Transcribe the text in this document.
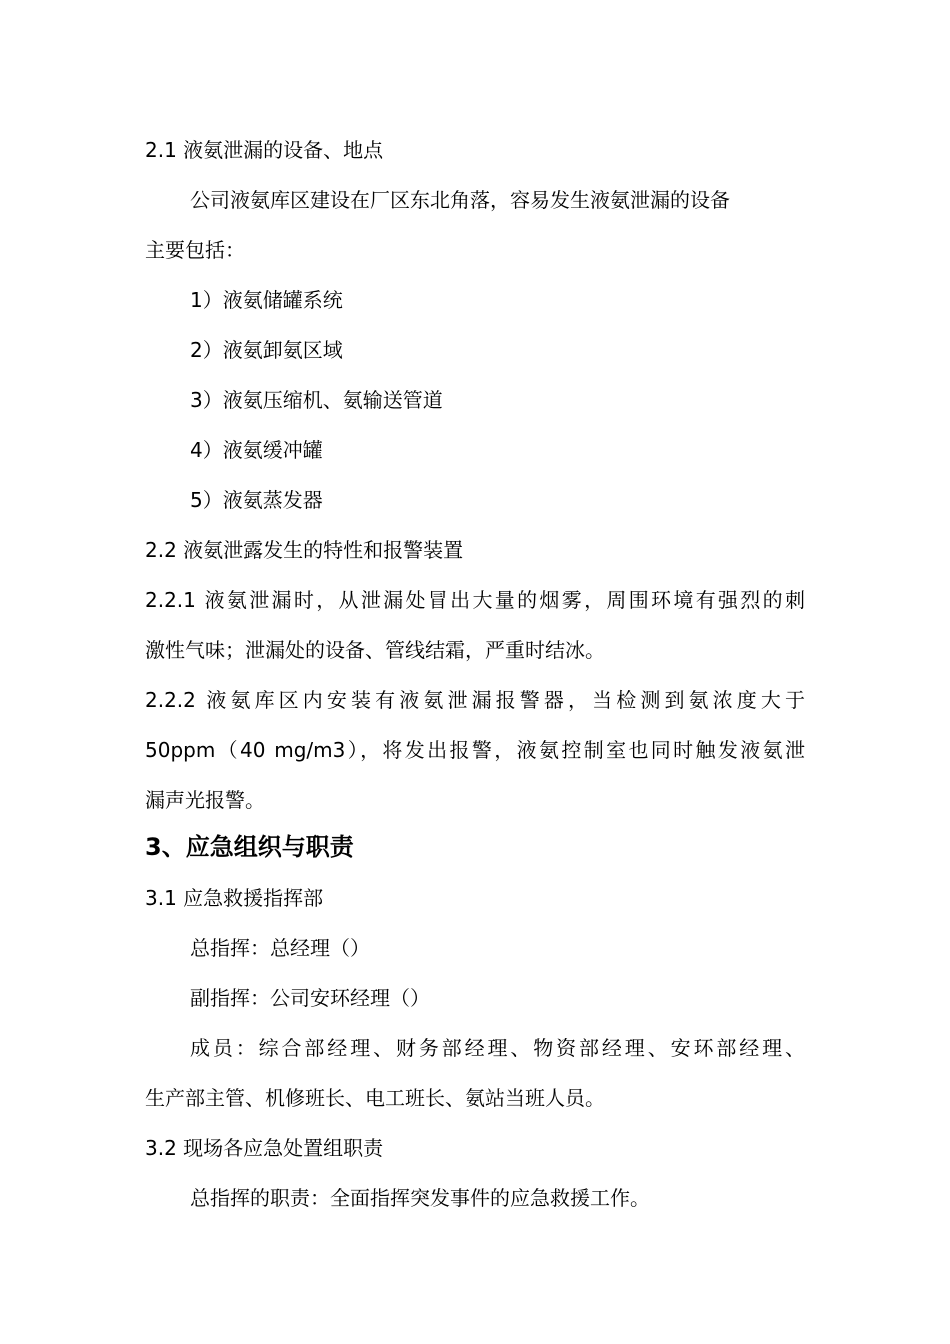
2.1 液氨泄漏的设备、地点
公司液氨库区建设在厂区东北角落，容易发生液氨泄漏的设备
主要包括：
1）液氨储罐系统
2）液氨卸氨区域
3）液氨压缩机、氨输送管道
4）液氨缓冲罐
5）液氨蒸发器
2.2 液氨泄露发生的特性和报警装置
2.2.1 液氨泄漏时，从泄漏处冒出大量的烟雾，周围环境有强烈的刺
激性气味；泄漏处的设备、管线结霜，严重时结冰。
2.2.2 液氨库区内安装有液氨泄漏报警器，当检测到氨浓度大于
50ppm（40 mg/m3），将发出报警，液氨控制室也同时触发液氨泄
漏声光报警。
3、应急组织与职责
3.1 应急救援指挥部
总指挥：总经理（）
副指挥：公司安环经理（）
成员：综合部经理、财务部经理、物资部经理、安环部经理、
生产部主管、机修班长、电工班长、氨站当班人员。
3.2 现场各应急处置组职责
总指挥的职责：全面指挥突发事件的应急救援工作。
